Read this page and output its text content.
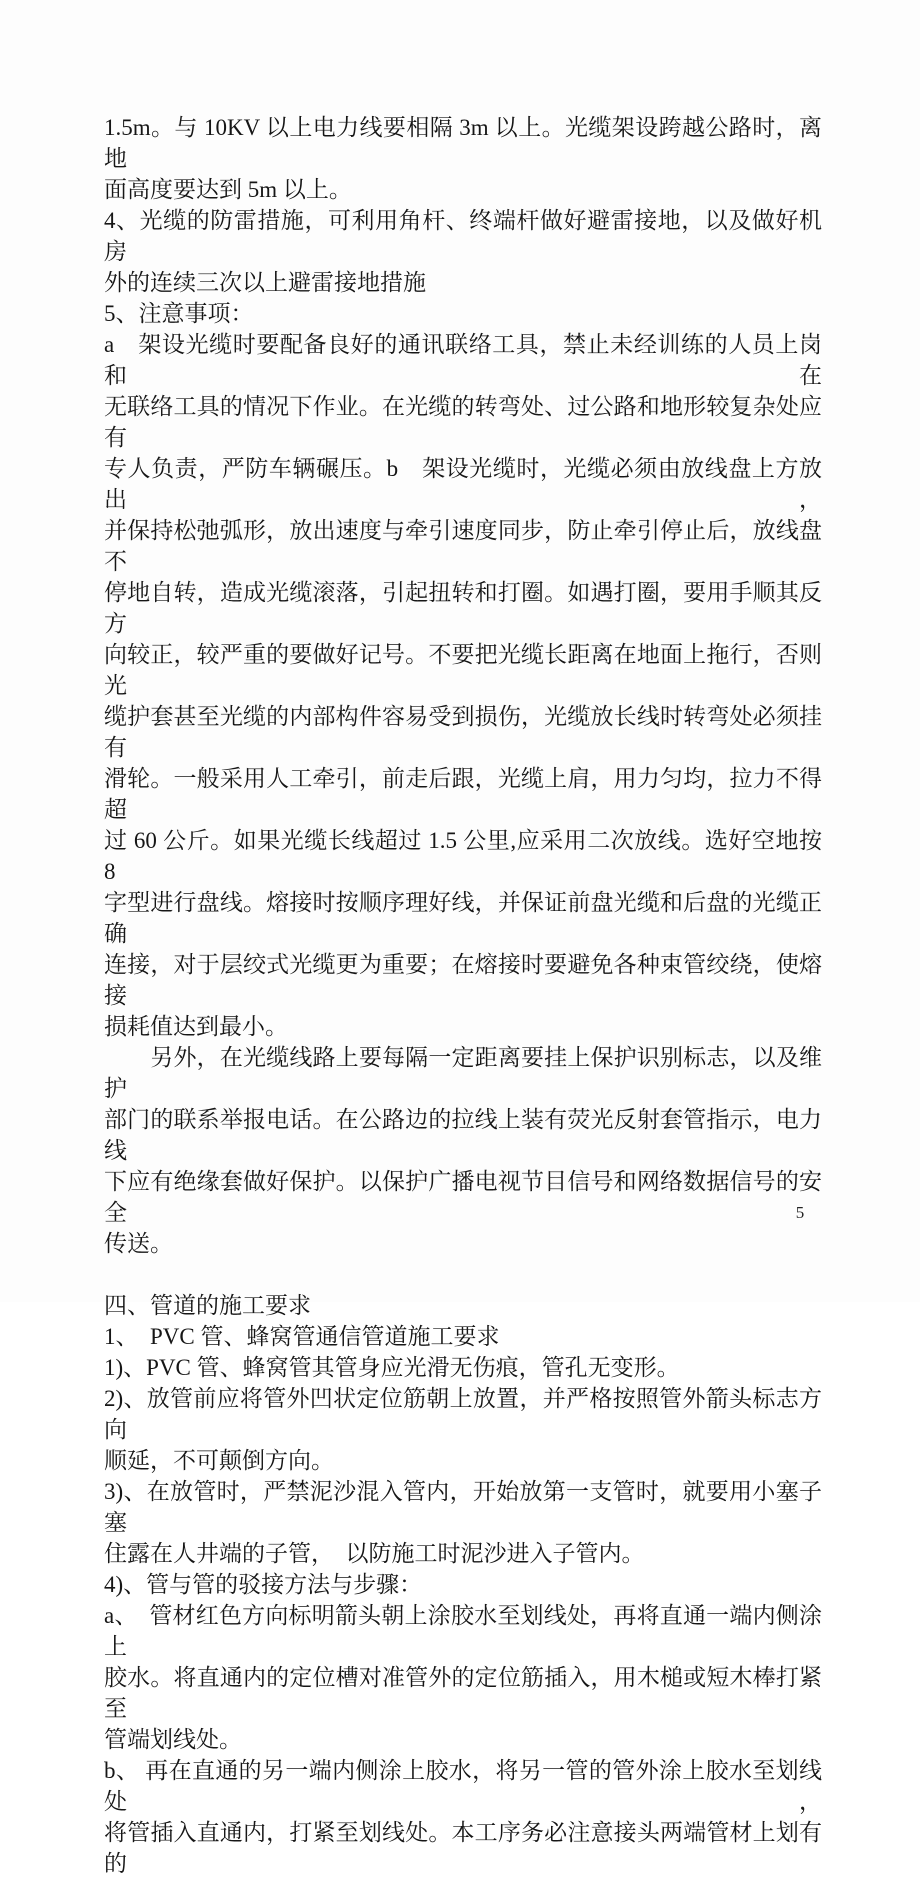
1.5m。与 10KV 以上电力线要相隔 3m 以上。光缆架设跨越公路时，离地
面高度要达到 5m 以上。
4、光缆的防雷措施，可利用角杆、终端杆做好避雷接地，以及做好机房
外的连续三次以上避雷接地措施
5、注意事项：
a　架设光缆时要配备良好的通讯联络工具，禁止未经训练的人员上岗和在
无联络工具的情况下作业。在光缆的转弯处、过公路和地形较复杂处应有
专人负责，严防车辆碾压。b　架设光缆时，光缆必须由放线盘上方放出，
并保持松弛弧形，放出速度与牵引速度同步，防止牵引停止后，放线盘不
停地自转，造成光缆滚落，引起扭转和打圈。如遇打圈，要用手顺其反方
向较正，较严重的要做好记号。不要把光缆长距离在地面上拖行，否则光
缆护套甚至光缆的内部构件容易受到损伤，光缆放长线时转弯处必须挂有
滑轮。一般采用人工牵引，前走后跟，光缆上肩，用力匀均，拉力不得超
过 60 公斤。如果光缆长线超过 1.5 公里,应采用二次放线。选好空地按 8
字型进行盘线。熔接时按顺序理好线，并保证前盘光缆和后盘的光缆正确
连接，对于层绞式光缆更为重要；在熔接时要避免各种束管绞绕，使熔接
损耗值达到最小。
　　另外，在光缆线路上要每隔一定距离要挂上保护识别标志，以及维护
部门的联系举报电话。在公路边的拉线上装有荧光反射套管指示，电力线
下应有绝缘套做好保护。以保护广播电视节目信号和网络数据信号的安全
传送。
四、管道的施工要求
1、　PVC 管、蜂窝管通信管道施工要求
1)、PVC 管、蜂窝管其管身应光滑无伤痕，管孔无变形。
2)、放管前应将管外凹状定位筋朝上放置，并严格按照管外箭头标志方向
顺延，不可颠倒方向。
3)、在放管时，严禁泥沙混入管内，开始放第一支管时，就要用小塞子塞
住露在人井端的子管，　以防施工时泥沙进入子管内。
4)、管与管的驳接方法与步骤：
a、　管材红色方向标明箭头朝上涂胶水至划线处，再将直通一端内侧涂上
胶水。将直通内的定位槽对准管外的定位筋插入，用木槌或短木棒打紧至
管端划线处。
b、 再在直通的另一端内侧涂上胶水，将另一管的管外涂上胶水至划线处，
将管插入直通内，打紧至划线处。本工序务必注意接头两端管材上划有的
5
